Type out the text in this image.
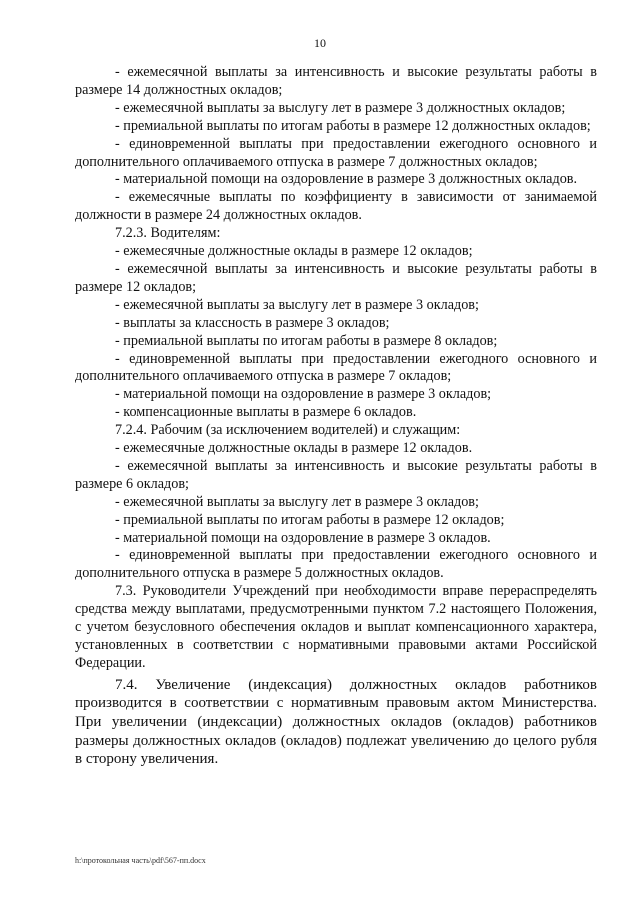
10

- ежемесячной выплаты за интенсивность и высокие результаты работы в размере 14 должностных окладов;

- ежемесячной выплаты за выслугу лет в размере 3 должностных окладов;

- премиальной выплаты по итогам работы в размере 12 должностных окладов;

- единовременной выплаты при предоставлении ежегодного основного и дополнительного оплачиваемого отпуска в размере 7 должностных окладов;

- материальной помощи на оздоровление в размере 3 должностных окладов.

- ежемесячные выплаты по коэффициенту в зависимости от занимаемой должности в размере 24 должностных окладов.

7.2.3. Водителям:

- ежемесячные должностные оклады в размере 12 окладов;

- ежемесячной выплаты за интенсивность и высокие результаты работы в размере 12 окладов;

- ежемесячной выплаты за выслугу лет в размере 3 окладов;

- выплаты за классность в размере 3 окладов;

- премиальной выплаты по итогам работы в размере 8 окладов;

- единовременной выплаты при предоставлении ежегодного основного и дополнительного оплачиваемого отпуска в размере 7 окладов;

- материальной помощи на оздоровление в размере 3 окладов;

- компенсационные выплаты в размере 6 окладов.

7.2.4. Рабочим (за исключением водителей) и служащим:

- ежемесячные должностные оклады в размере 12 окладов.

- ежемесячной выплаты за интенсивность и высокие результаты работы в размере 6 окладов;

- ежемесячной выплаты за выслугу лет в размере 3 окладов;

- премиальной выплаты по итогам работы в размере 12 окладов;

- материальной помощи на оздоровление в размере 3 окладов.

- единовременной выплаты при предоставлении ежегодного основного и дополнительного отпуска в размере 5 должностных окладов.

7.3. Руководители Учреждений при необходимости вправе перераспределять средства между выплатами, предусмотренными пунктом 7.2 настоящего Положения, с учетом безусловного обеспечения окладов и выплат компенсационного характера, установленных в соответствии с нормативными правовыми актами Российской Федерации.

7.4. Увеличение (индексация) должностных окладов работников производится в соответствии с нормативным правовым актом Министерства. При увеличении (индексации) должностных окладов (окладов) работников размеры должностных окладов (окладов) подлежат увеличению до целого рубля в сторону увеличения.

h:\протокольная часть\pdf\567-пп.docx
